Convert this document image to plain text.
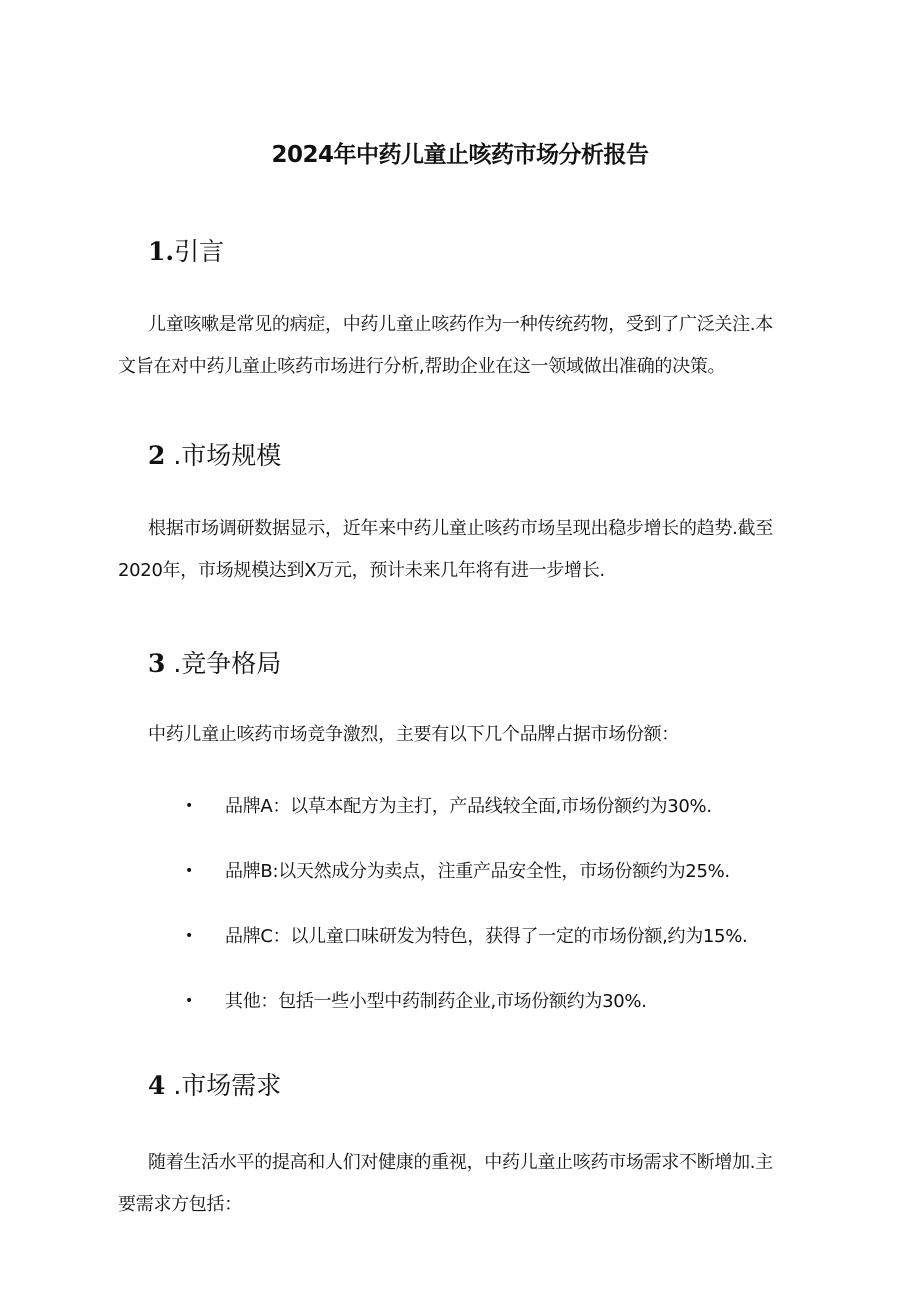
2024年中药儿童止咳药市场分析报告
1.引言
儿童咳嗽是常见的病症，中药儿童止咳药作为一种传统药物，受到了广泛关注.本
文旨在对中药儿童止咳药市场进行分析,帮助企业在这一领域做出准确的决策。
2 .市场规模
根据市场调研数据显示，近年来中药儿童止咳药市场呈现出稳步增长的趋势.截至
2020年，市场规模达到X万元，预计未来几年将有进一步增长.
3 .竞争格局
中药儿童止咳药市场竞争激烈，主要有以下几个品牌占据市场份额：
• 品牌A：以草本配方为主打，产品线较全面,市场份额约为30%.
• 品牌B:以天然成分为卖点，注重产品安全性，市场份额约为25%.
• 品牌C：以儿童口味研发为特色，获得了一定的市场份额,约为15%.
• 其他：包括一些小型中药制药企业,市场份额约为30%.
4 .市场需求
随着生活水平的提高和人们对健康的重视，中药儿童止咳药市场需求不断增加.主
要需求方包括：
